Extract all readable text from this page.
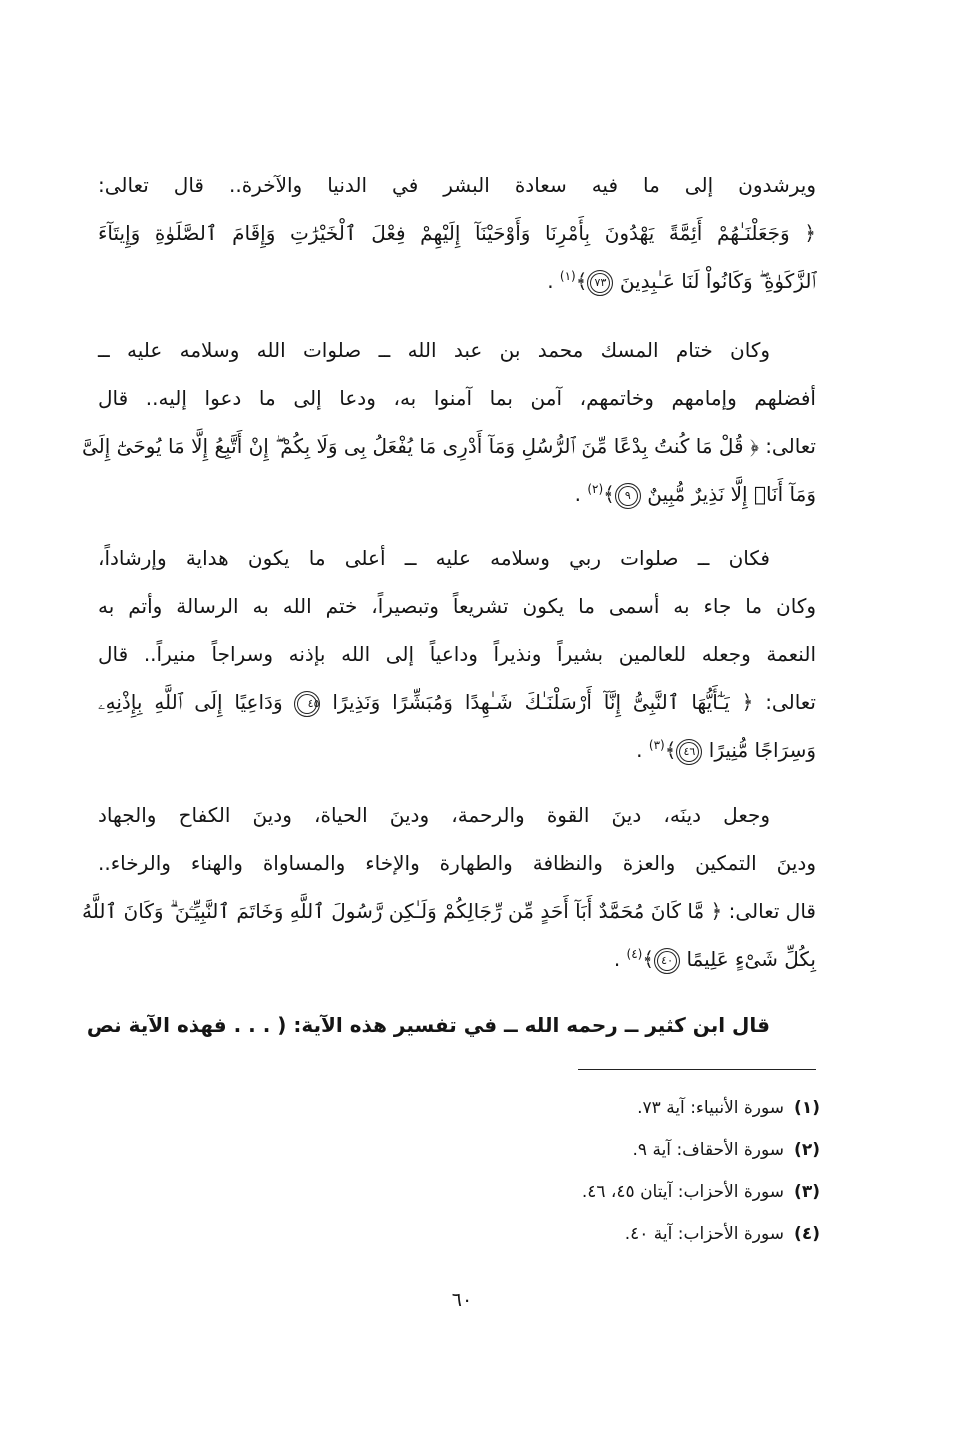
ويرشدون إلى ما فيه سعادة البشر في الدنيا والآخرة.. قال تعالى:
﴿ وَجَعَلْنَـٰهُمْ أَئِمَّةً يَهْدُونَ بِأَمْرِنَا وَأَوْحَيْنَآ إِلَيْهِمْ فِعْلَ ٱلْخَيْرَٰتِ وَإِقَامَ ٱلصَّلَوٰةِ وَإِيتَآءَ
ٱلزَّكَوٰةِ ۖ وَكَانُواْ لَنَا عَـٰبِدِينَ ٧٣﴾$^{(١)}$ .
وكان ختام المسك محمد بن عبد الله ــ صلوات الله وسلامه عليه ــ
أفضلهم وإمامهم وخاتمهم، آمن بما آمنوا به، ودعا إلى ما دعوا إليه.. قال
تعالى: ﴿ قُلْ مَا كُنتُ بِدْعًا مِّنَ ٱلرُّسُلِ وَمَآ أَدْرِى مَا يُفْعَلُ بِى وَلَا بِكُمْ ۖ إِنْ أَتَّبِعُ إِلَّا مَا يُوحَىٰٓ إِلَىَّ
وَمَآ أَنَا۠ إِلَّا نَذِيرٌ مُّبِينٌ ٩﴾$^{(٢)}$ .
فكان ــ صلوات ربي وسلامه عليه ــ أعلى ما يكون هداية وإرشاداً،
وكان ما جاء به أسمى ما يكون تشريعاً وتبصيراً، ختم الله به الرسالة وأتم به
النعمة وجعله للعالمين بشيراً ونذيراً وداعياً إلى الله بإذنه وسراجاً منيراً.. قال
تعالى: ﴿ يَـٰٓأَيُّهَا ٱلنَّبِىُّ إِنَّآ أَرْسَلْنَـٰكَ شَـٰهِدًا وَمُبَشِّرًا وَنَذِيرًا ٤٥ وَدَاعِيًا إِلَى ٱللَّهِ بِإِذْنِهِۦ
وَسِرَاجًا مُّنِيرًا ٤٦﴾$^{(٣)}$ .
وجعل دينَه، دينَ القوة والرحمة، ودينَ الحياة، ودينَ الكفاح والجهاد
ودينَ التمكين والعزة والنظافة والطهارة والإخاء والمساواة والهناء والرخاء..
قال تعالى: ﴿ مَّا كَانَ مُحَمَّدٌ أَبَآ أَحَدٍ مِّن رِّجَالِكُمْ وَلَـٰكِن رَّسُولَ ٱللَّهِ وَخَاتَمَ ٱلنَّبِيِّـۧنَ ۗ وَكَانَ ٱللَّهُ
بِكُلِّ شَىْءٍ عَلِيمًا ٤٠﴾$^{(٤)}$ .
قال ابن كثير ــ رحمه الله ــ في تفسير هذه الآية: ( . . . فهذه الآية نص
(١)سورة الأنبياء: آية ٧٣.
(٢)سورة الأحقاف: آية ٩.
(٣)سورة الأحزاب: آيتان ٤٥، ٤٦.
(٤)سورة الأحزاب: آية ٤٠.
٦٠
